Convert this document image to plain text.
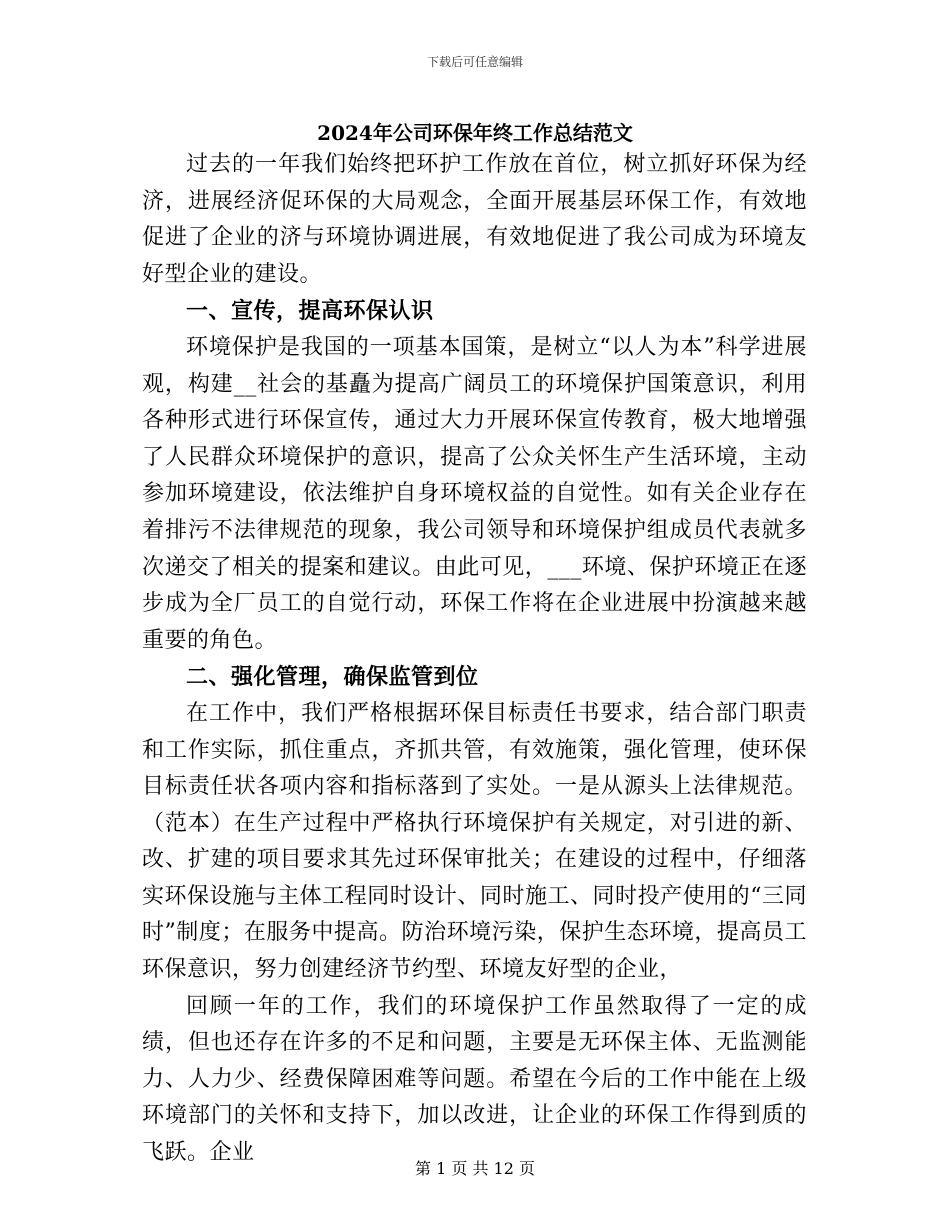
下载后可任意编辑
2024年公司环保年终工作总结范文

过去的一年我们始终把环护工作放在首位，树立抓好环保为经济，进展经济促环保的大局观念，全面开展基层环保工作，有效地促进了企业的济与环境协调进展，有效地促进了我公司成为环境友好型企业的建设。

一、宣传，提高环保认识

环境保护是我国的一项基本国策，是树立“以人为本”科学进展观，构建__社会的基矗为提高广阔员工的环境保护国策意识，利用各种形式进行环保宣传，通过大力开展环保宣传教育，极大地增强了人民群众环境保护的意识，提高了公众关怀生产生活环境，主动参加环境建设，依法维护自身环境权益的自觉性。如有关企业存在着排污不法律规范的现象，我公司领导和环境保护组成员代表就多次递交了相关的提案和建议。由此可见，___环境、保护环境正在逐步成为全厂员工的自觉行动，环保工作将在企业进展中扮演越来越重要的角色。

二、强化管理，确保监管到位

在工作中，我们严格根据环保目标责任书要求，结合部门职责和工作实际，抓住重点，齐抓共管，有效施策，强化管理，使环保目标责任状各项内容和指标落到了实处。一是从源头上法律规范。（范本）在生产过程中严格执行环境保护有关规定，对引进的新、改、扩建的项目要求其先过环保审批关；在建设的过程中，仔细落实环保设施与主体工程同时设计、同时施工、同时投产使用的“三同时”制度；在服务中提高。防治环境污染，保护生态环境，提高员工环保意识，努力创建经济节约型、环境友好型的企业，

回顾一年的工作，我们的环境保护工作虽然取得了一定的成绩，但也还存在许多的不足和问题，主要是无环保主体、无监测能力、人力少、经费保障困难等问题。希望在今后的工作中能在上级环境部门的关怀和支持下，加以改进，让企业的环保工作得到质的飞跃。企业

第 1 页 共 12 页
